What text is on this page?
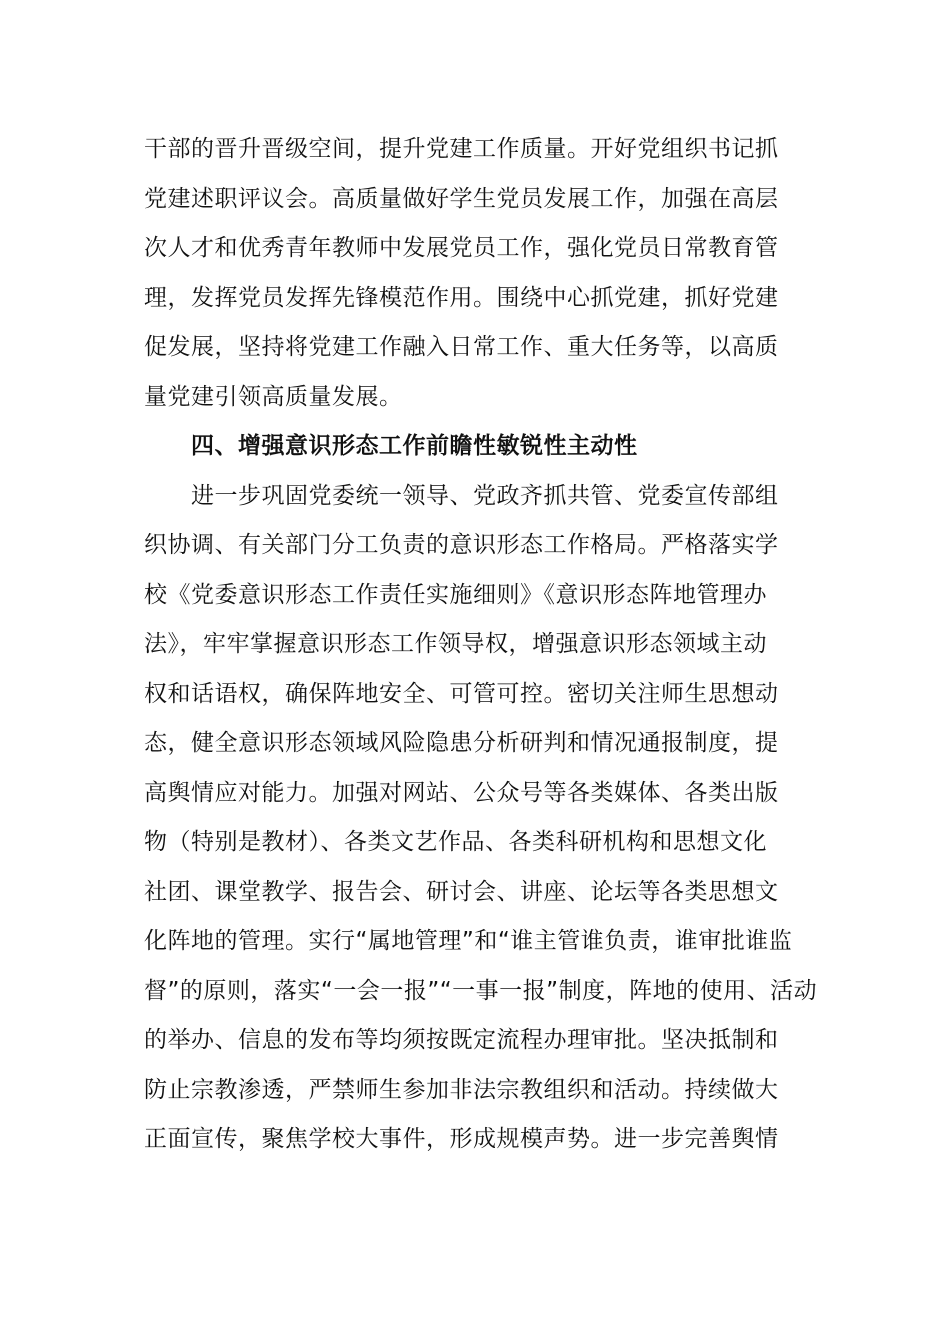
干部的晋升晋级空间，提升党建工作质量。开好党组织书记抓
党建述职评议会。高质量做好学生党员发展工作，加强在高层
次人才和优秀青年教师中发展党员工作，强化党员日常教育管
理，发挥党员发挥先锋模范作用。围绕中心抓党建，抓好党建
促发展，坚持将党建工作融入日常工作、重大任务等，以高质
量党建引领高质量发展。
四、增强意识形态工作前瞻性敏锐性主动性
进一步巩固党委统一领导、党政齐抓共管、党委宣传部组
织协调、有关部门分工负责的意识形态工作格局。严格落实学
校《党委意识形态工作责任实施细则》《意识形态阵地管理办
法》，牢牢掌握意识形态工作领导权，增强意识形态领域主动
权和话语权，确保阵地安全、可管可控。密切关注师生思想动
态，健全意识形态领域风险隐患分析研判和情况通报制度，提
高舆情应对能力。加强对网站、公众号等各类媒体、各类出版
物（特别是教材）、各类文艺作品、各类科研机构和思想文化
社团、课堂教学、报告会、研讨会、讲座、论坛等各类思想文
化阵地的管理。实行“属地管理”和“谁主管谁负责，谁审批谁监
督”的原则，落实“一会一报”“一事一报”制度，阵地的使用、活动
的举办、信息的发布等均须按既定流程办理审批。坚决抵制和
防止宗教渗透，严禁师生参加非法宗教组织和活动。持续做大
正面宣传，聚焦学校大事件，形成规模声势。进一步完善舆情
